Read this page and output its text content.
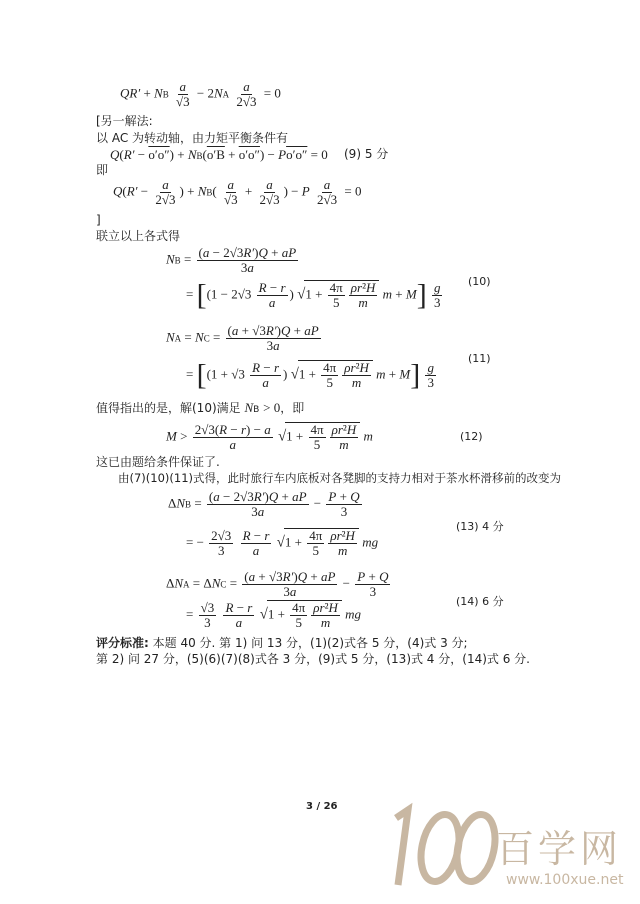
QR′ + NB $\frac{a}{√3} - 2NA \frac{a}{2√3} = 0$
[另一解法:
以 AC 为转动轴，由力矩平衡条件有
Q(R′ − o′o″) + NB(o′B + o′o″) − Po′o″ = 0 (9) 5 分
即
$Q(R' - \frac{a}{2√3}$ ) + $NB( \frac{a}{√3} + \frac{a}{2√3}$ ) − P $\frac{a}{2√3} = 0$
]
联立以上各式得
NB = $\frac{(a - 2√3R')Q + aP}{3a}$
= [($1 - 2√3 \frac{R - r}{a}$ ) $√1 + \frac{4\pi}{5} \frac{\text{ρr²H}}{m}$ $m + M] \frac{g}{3} (10)$
NA = NC = $\frac{(a + √3R')Q + aP}{3a}$
= [($1 + √3 \frac{R - r}{a}$ ) $√1 + \frac{4\pi}{5} \frac{\text{ρr²H}}{m}$ $m + M] \frac{g}{3}$
(11)
值得指出的是，解(10)满足 NB > 0，即
$M > \frac{2√3(R - r) - a}{a} √1 + \frac{4\pi}{5} \frac{\text{ρr²H}}{m}$ m	(12)
这已由题给条件保证了.
由(7)(10)(11)式得，此时旅行车内底板对各凳脚的支持力相对于茶水杯滑移前的改变为
$\Delta NB = \frac{(a - 2√3R')Q + aP}{3a} - \frac{P + Q}{3}$
= − $\frac{2√3}{3}$
$\frac{R - r}{a} √1 + \frac{4\pi}{5} \frac{\text{ρr²H}}{m}$ mg
(13) 4 分
$\Delta NA = \Delta NC = \frac{(a + √3R')Q + aP}{3a} - \frac{P + Q}{3}$
= $\frac{√3}{3}$
$\frac{R - r}{a} √1 + \frac{4\pi}{5} \frac{\text{ρr²H}}{m}$ mg
(14) 6 分
评分标准: 本题 40 分. 第 1) 问 13 分，(1)(2)式各 5 分，(4)式 3 分;
第 2) 问 27 分，(5)(6)(7)(8)式各 3 分，(9)式 5 分，(13)式 4 分，(14)式 6 分.
3 / 26
百学网
www.100xue.net
